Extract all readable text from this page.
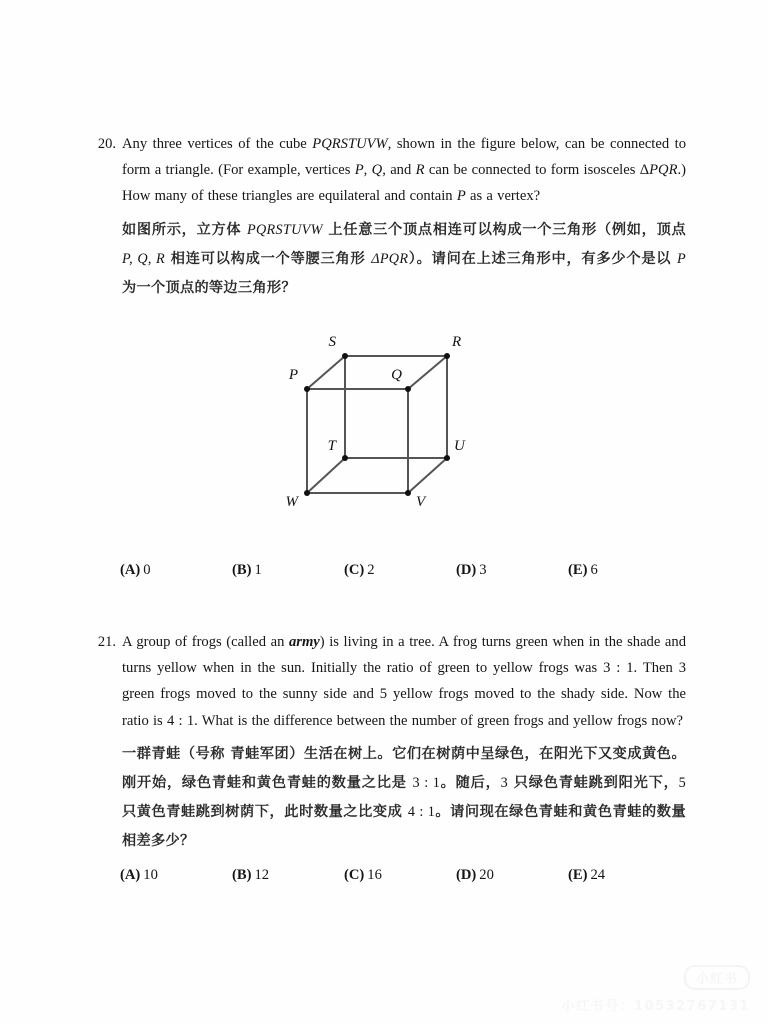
20. Any three vertices of the cube PQRSTUVW, shown in the figure below, can be connected to form a triangle. (For example, vertices P, Q, and R can be connected to form isosceles ΔPQR.) How many of these triangles are equilateral and contain P as a vertex?
如图所示，立方体 PQRSTUVW 上任意三个顶点相连可以构成一个三角形（例如，顶点 P, Q, R 相连可以构成一个等腰三角形 ΔPQR）。请问在上述三角形中，有多少个是以 P 为一个顶点的等边三角形？
S	R
P	Q
T	U
W	V
(A) 0	(B) 1	(C) 2	(D) 3	(E) 6
21. A group of frogs (called an army) is living in a tree. A frog turns green when in the shade and turns yellow when in the sun. Initially the ratio of green to yellow frogs was 3 : 1. Then 3 green frogs moved to the sunny side and 5 yellow frogs moved to the shady side. Now the ratio is 4 : 1. What is the difference between the number of green frogs and yellow frogs now?
一群青蛙（号称 青蛙军团）生活在树上。它们在树荫中呈绿色，在阳光下又变成黄色。刚开始，绿色青蛙和黄色青蛙的数量之比是 3 : 1。随后，3 只绿色青蛙跳到阳光下，5 只黄色青蛙跳到树荫下，此时数量之比变成 4 : 1。请问现在绿色青蛙和黄色青蛙的数量相差多少？
(A) 10	(B) 12	(C) 16	(D) 20	(E) 24
小红书
小红书号：10532767131
